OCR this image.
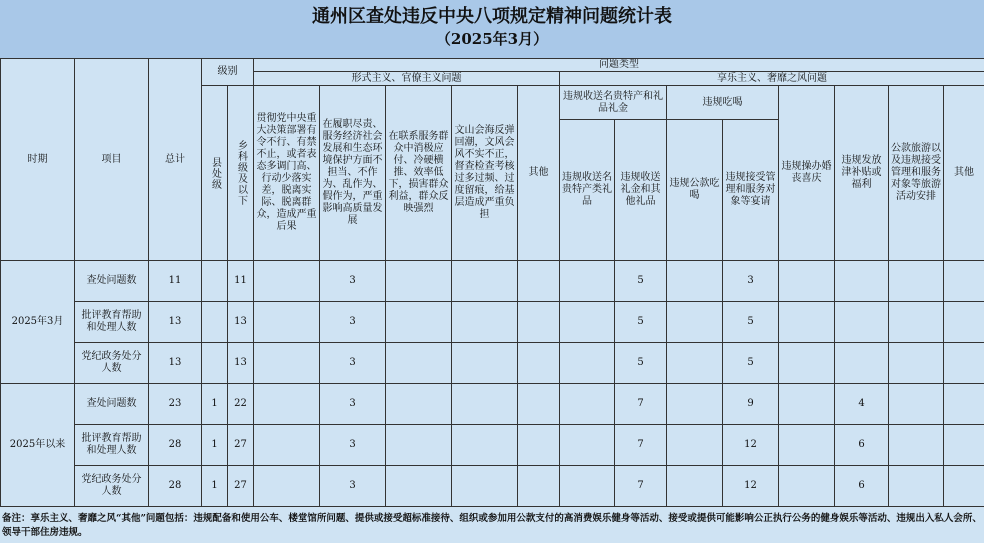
通州区查处违反中央八项规定精神问题统计表
（2025年3月）
时期	项目	总计	级别		问题类型												
					形式主义、官僚主义问题					享乐主义、奢靡之风问题							
			县处级	乡科级及以下	贯彻党中央重大决策部署有令不行、有禁不止，或者表态多调门高、行动少落实差，脱离实际、脱离群众，造成严重后果	在履职尽责、服务经济社会发展和生态环境保护方面不担当、不作为、乱作为、假作为，严重影响高质量发展	在联系服务群众中消极应付、冷硬横推、效率低下，损害群众利益，群众反映强烈	文山会海反弹回潮，文风会风不实不正，督查检查考核过多过频、过度留痕，给基层造成严重负担	其他	违规收送名贵特产和礼品礼金		违规吃喝		违规操办婚丧喜庆	违规发放津补贴或福利	公款旅游以及违规接受管理和服务对象等旅游活动安排	其他
										违规收送名贵特产类礼品	违规收送礼金和其他礼品	违规公款吃喝	违规接受管理和服务对象等宴请				
2025年3月	查处问题数	11		11		3					5		3				
	批评教育帮助和处理人数	13		13		3					5		5				
	党纪政务处分人数	13		13		3					5		5				
2025年以来	查处问题数	23	1	22		3					7		9		4		
	批评教育帮助和处理人数	28	1	27		3					7		12		6		
	党纪政务处分人数	28	1	27		3					7		12		6		
备注：享乐主义、奢靡之风“其他”问题包括：违规配备和使用公车、楼堂馆所问题、提供或接受超标准接待、组织或参加用公款支付的高消费娱乐健身等活动、接受或提供可能影响公正执行公务的健身娱乐等活动、违规出入私人会所、领导干部住房违规。
